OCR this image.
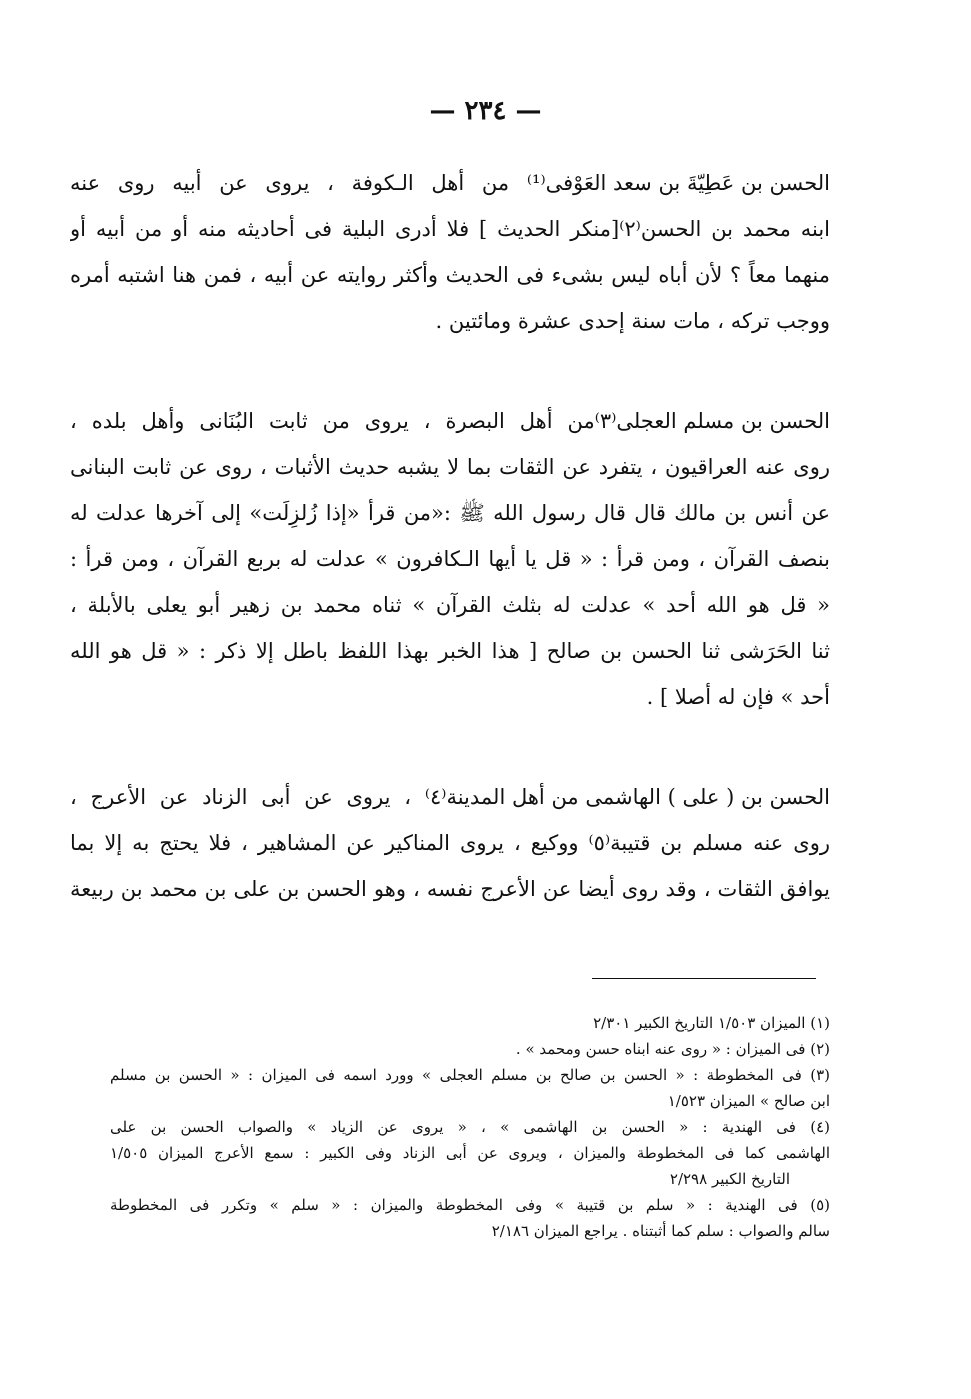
— ٢٣٤ —
الحسن بن عَطِيّةَ بن سعد العَوْفى⁽¹⁾ من أهل الـكوفة ، يروى عن أبيه روى عنه
ابنه محمد بن الحسن⁽٢⁾[منكر الحديث ] فلا أدرى البلية فى أحاديثه منه أو من أبيه أو
منهما معاً ؟ لأن أباه ليس بشىء فى الحديث وأكثر روايته عن أبيه ، فمن هنا اشتبه أمره
ووجب تركه ، مات سنة إحدى عشرة ومائتين .
الحسن بن مسلم العجلى⁽٣⁾من أهل البصرة ، يروى من ثابت البُنَانى وأهل بلده ،
روى عنه العراقيون ، يتفرد عن الثقات بما لا يشبه حديث الأثبات ، روى عن ثابت البنانى
عن أنس بن مالك قال قال رسول الله ﷺ :«من قرأ «إذا زُلزِلَت» إلى آخرها عدلت له
بنصف القرآن ، ومن قرأ : « قل يا أيها الـكافرون » عدلت له بربع القرآن ، ومن قرأ :
« قل هو الله أحد » عدلت له بثلث القرآن » ثناه محمد بن زهير أبو يعلى بالأبلة ،
ثنا الحَرَشى ثنا الحسن بن صالح [ هذا الخبر بهذا اللفظ باطل إلا ذكر : « قل هو الله
أحد » فإن له أصلا ] .
الحسن بن ( على ) الهاشمى من أهل المدينة⁽٤⁾ ، يروى عن أبى الزناد عن الأعرج ،
روى عنه مسلم بن قتيبة⁽٥⁾ ووكيع ، يروى المناكير عن المشاهير ، فلا يحتج به إلا بما
يوافق الثقات ، وقد روى أيضا عن الأعرج نفسه ، وهو الحسن بن على بن محمد بن ربيعة
(١) الميزان ١/٥٠٣ التاريخ الكبير ٢/٣٠١
(٢) فى الميزان : « روى عنه ابناه حسن ومحمد » .
(٣) فى المخطوطة : « الحسن بن صالح بن مسلم العجلى » وورد اسمه فى الميزان : « الحسن بن مسلم
ابن صالح » الميزان ١/٥٢٣
(٤) فى الهندية : « الحسن بن الهاشمى » ، « يروى عن الزياد » والصواب الحسن بن على
الهاشمى كما فى المخطوطة والميزان ، ويروى عن أبى الزناد وفى الكبير : سمع الأعرج الميزان ١/٥٠٥
التاريخ الكبير ٢/٢٩٨
(٥) فى الهندية : « سلم بن قتيبة » وفى المخطوطة والميزان : « سلم » وتكرر فى المخطوطة
سالم والصواب : سلم كما أثبتناه . يراجع الميزان ٢/١٨٦
